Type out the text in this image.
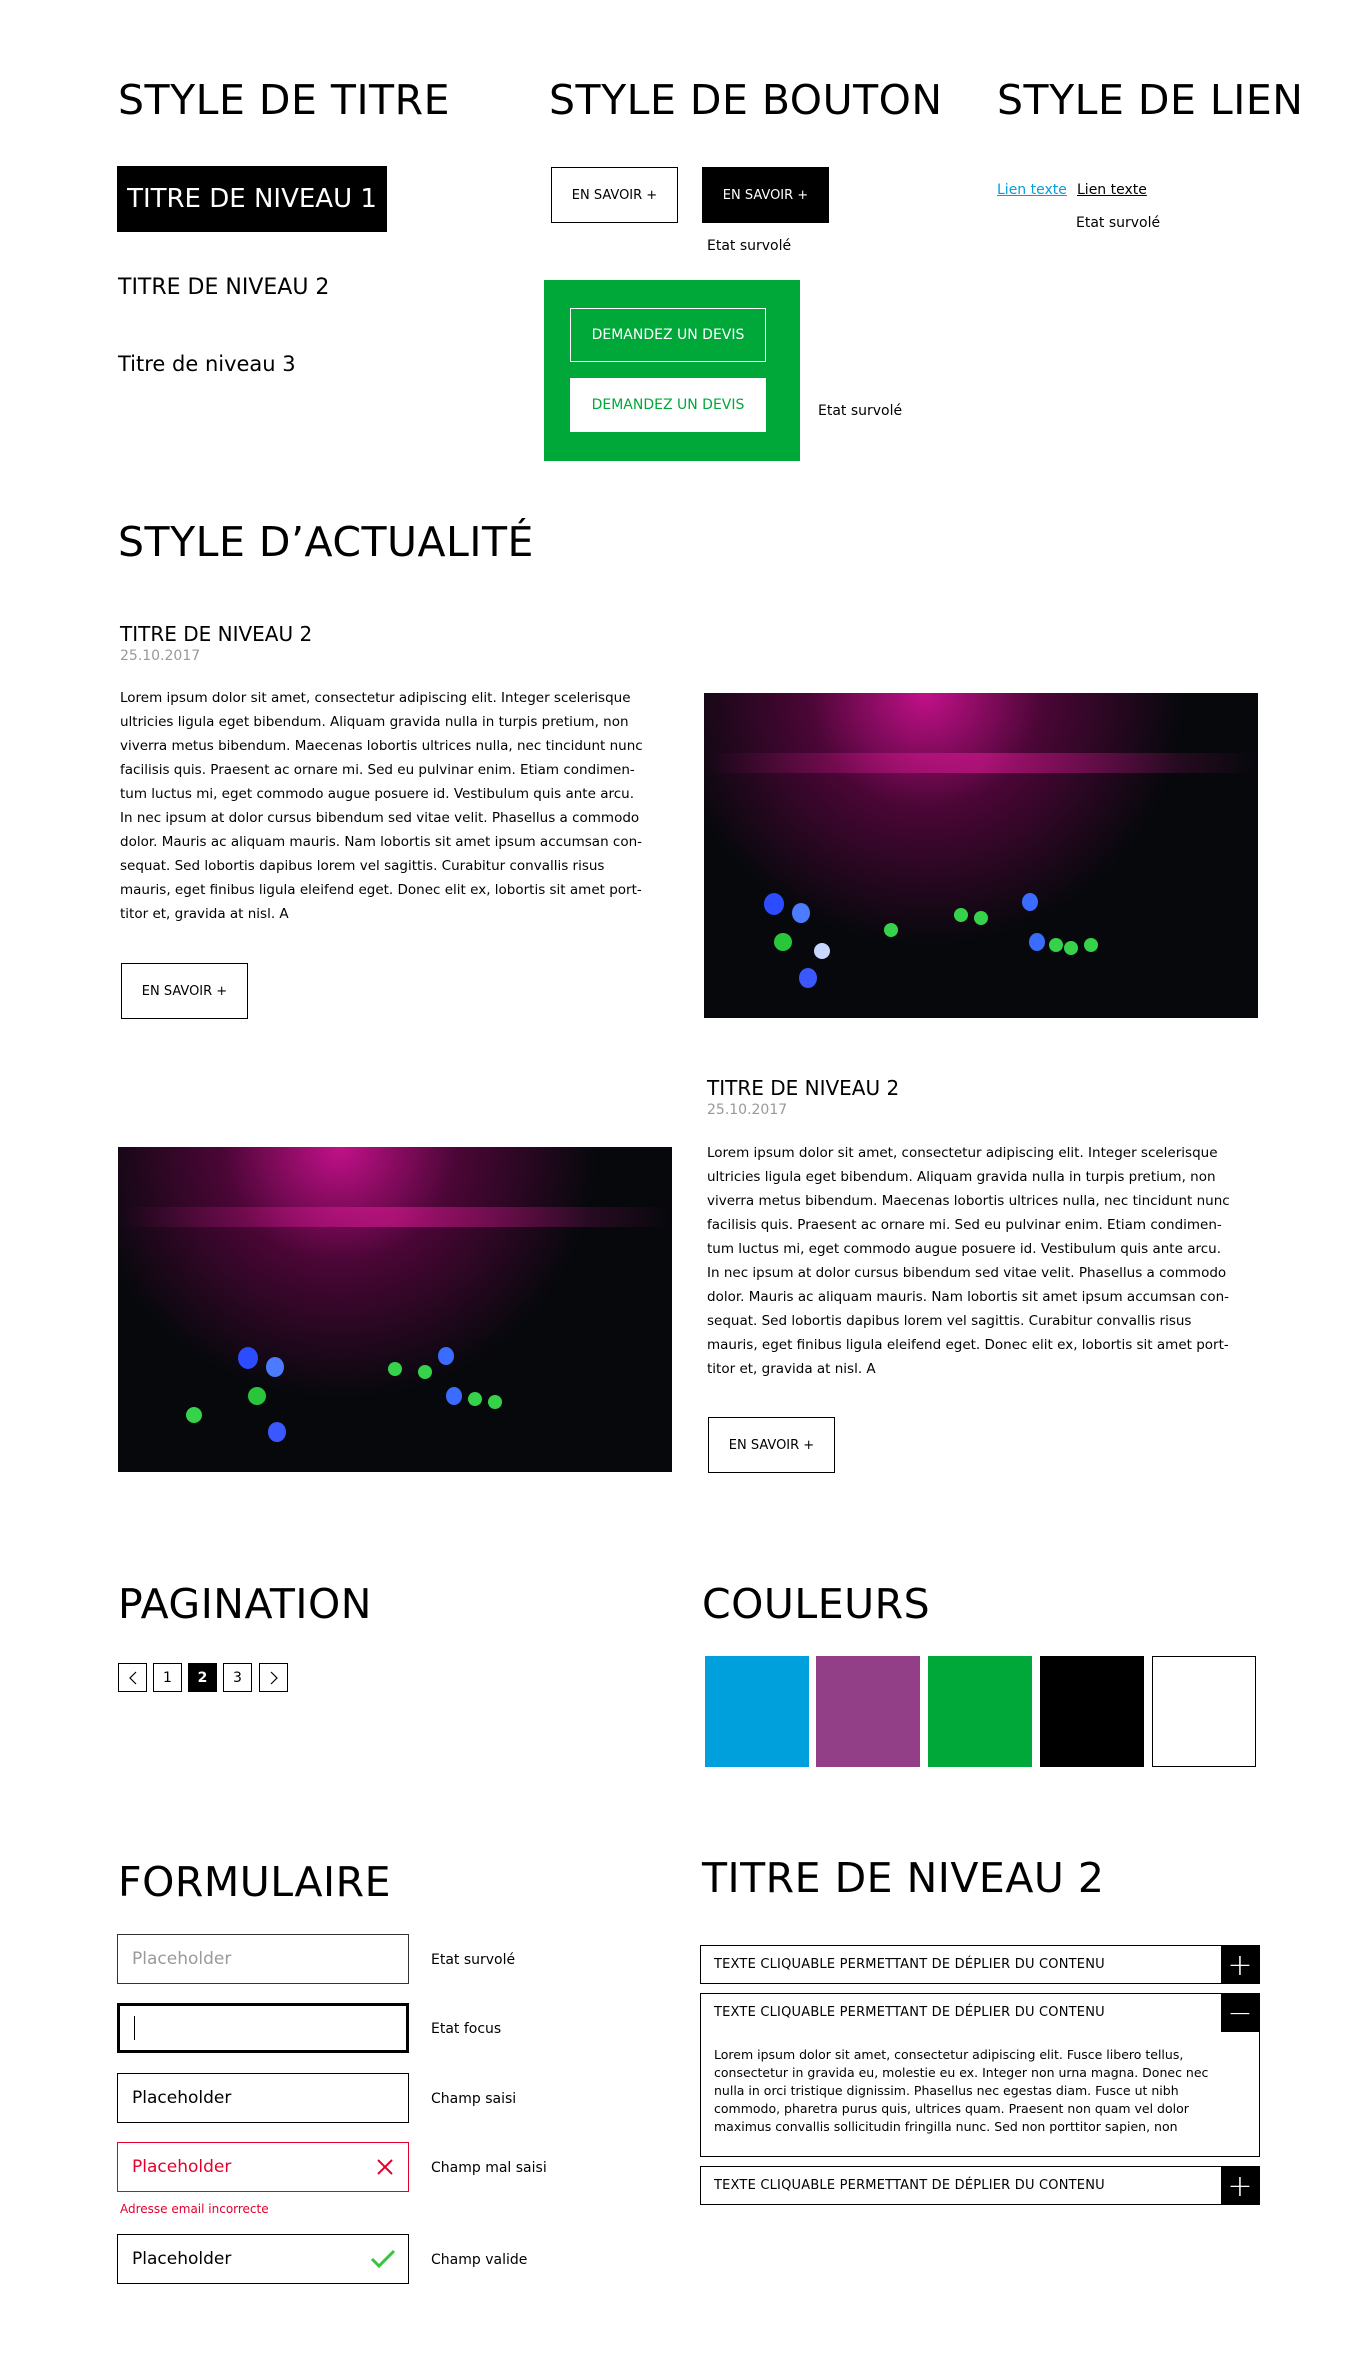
STYLE DE TITRE
TITRE DE NIVEAU 1
TITRE DE NIVEAU 2
Titre de niveau 3
STYLE DE BOUTON
EN SAVOIR +	EN SAVOIR +
Etat survolé
DEMANDEZ UN DEVIS
DEMANDEZ UN DEVIS	Etat survolé
STYLE DE LIEN
Lien texte Lien texte
Etat survolé
STYLE D’ACTUALITÉ
TITRE DE NIVEAU 2
25.10.2017
Lorem ipsum dolor sit amet, consectetur adipiscing elit. Integer scelerisque
ultricies ligula eget bibendum. Aliquam gravida nulla in turpis pretium, non
viverra metus bibendum. Maecenas lobortis ultrices nulla, nec tincidunt nunc
facilisis quis. Praesent ac ornare mi. Sed eu pulvinar enim. Etiam condimen-
tum luctus mi, eget commodo augue posuere id. Vestibulum quis ante arcu.
In nec ipsum at dolor cursus bibendum sed vitae velit. Phasellus a commodo
dolor. Mauris ac aliquam mauris. Nam lobortis sit amet ipsum accumsan con-
sequat. Sed lobortis dapibus lorem vel sagittis. Curabitur convallis risus
mauris, eget finibus ligula eleifend eget. Donec elit ex, lobortis sit amet port-
titor et, gravida at nisl. A
EN SAVOIR +
TITRE DE NIVEAU 2
25.10.2017
Lorem ipsum dolor sit amet, consectetur adipiscing elit. Integer scelerisque
ultricies ligula eget bibendum. Aliquam gravida nulla in turpis pretium, non
viverra metus bibendum. Maecenas lobortis ultrices nulla, nec tincidunt nunc
facilisis quis. Praesent ac ornare mi. Sed eu pulvinar enim. Etiam condimen-
tum luctus mi, eget commodo augue posuere id. Vestibulum quis ante arcu.
In nec ipsum at dolor cursus bibendum sed vitae velit. Phasellus a commodo
dolor. Mauris ac aliquam mauris. Nam lobortis sit amet ipsum accumsan con-
sequat. Sed lobortis dapibus lorem vel sagittis. Curabitur convallis risus
mauris, eget finibus ligula eleifend eget. Donec elit ex, lobortis sit amet port-
titor et, gravida at nisl. A
EN SAVOIR +
PAGINATION
1	2	3
COULEURS
FORMULAIRE
Placeholder	Etat survolé
Etat focus
Placeholder	Champ saisi
Placeholder	Champ mal saisi
Adresse email incorrecte
Placeholder	Champ valide
TITRE DE NIVEAU 2
TEXTE CLIQUABLE PERMETTANT DE DÉPLIER DU CONTENU	+
TEXTE CLIQUABLE PERMETTANT DE DÉPLIER DU CONTENU	−
Lorem ipsum dolor sit amet, consectetur adipiscing elit. Fusce libero tellus,
consectetur in gravida eu, molestie eu ex. Integer non urna magna. Donec nec
nulla in orci tristique dignissim. Phasellus nec egestas diam. Fusce ut nibh
commodo, pharetra purus quis, ultrices quam. Praesent non quam vel dolor
maximus convallis sollicitudin fringilla nunc. Sed non porttitor sapien, non
TEXTE CLIQUABLE PERMETTANT DE DÉPLIER DU CONTENU	+
